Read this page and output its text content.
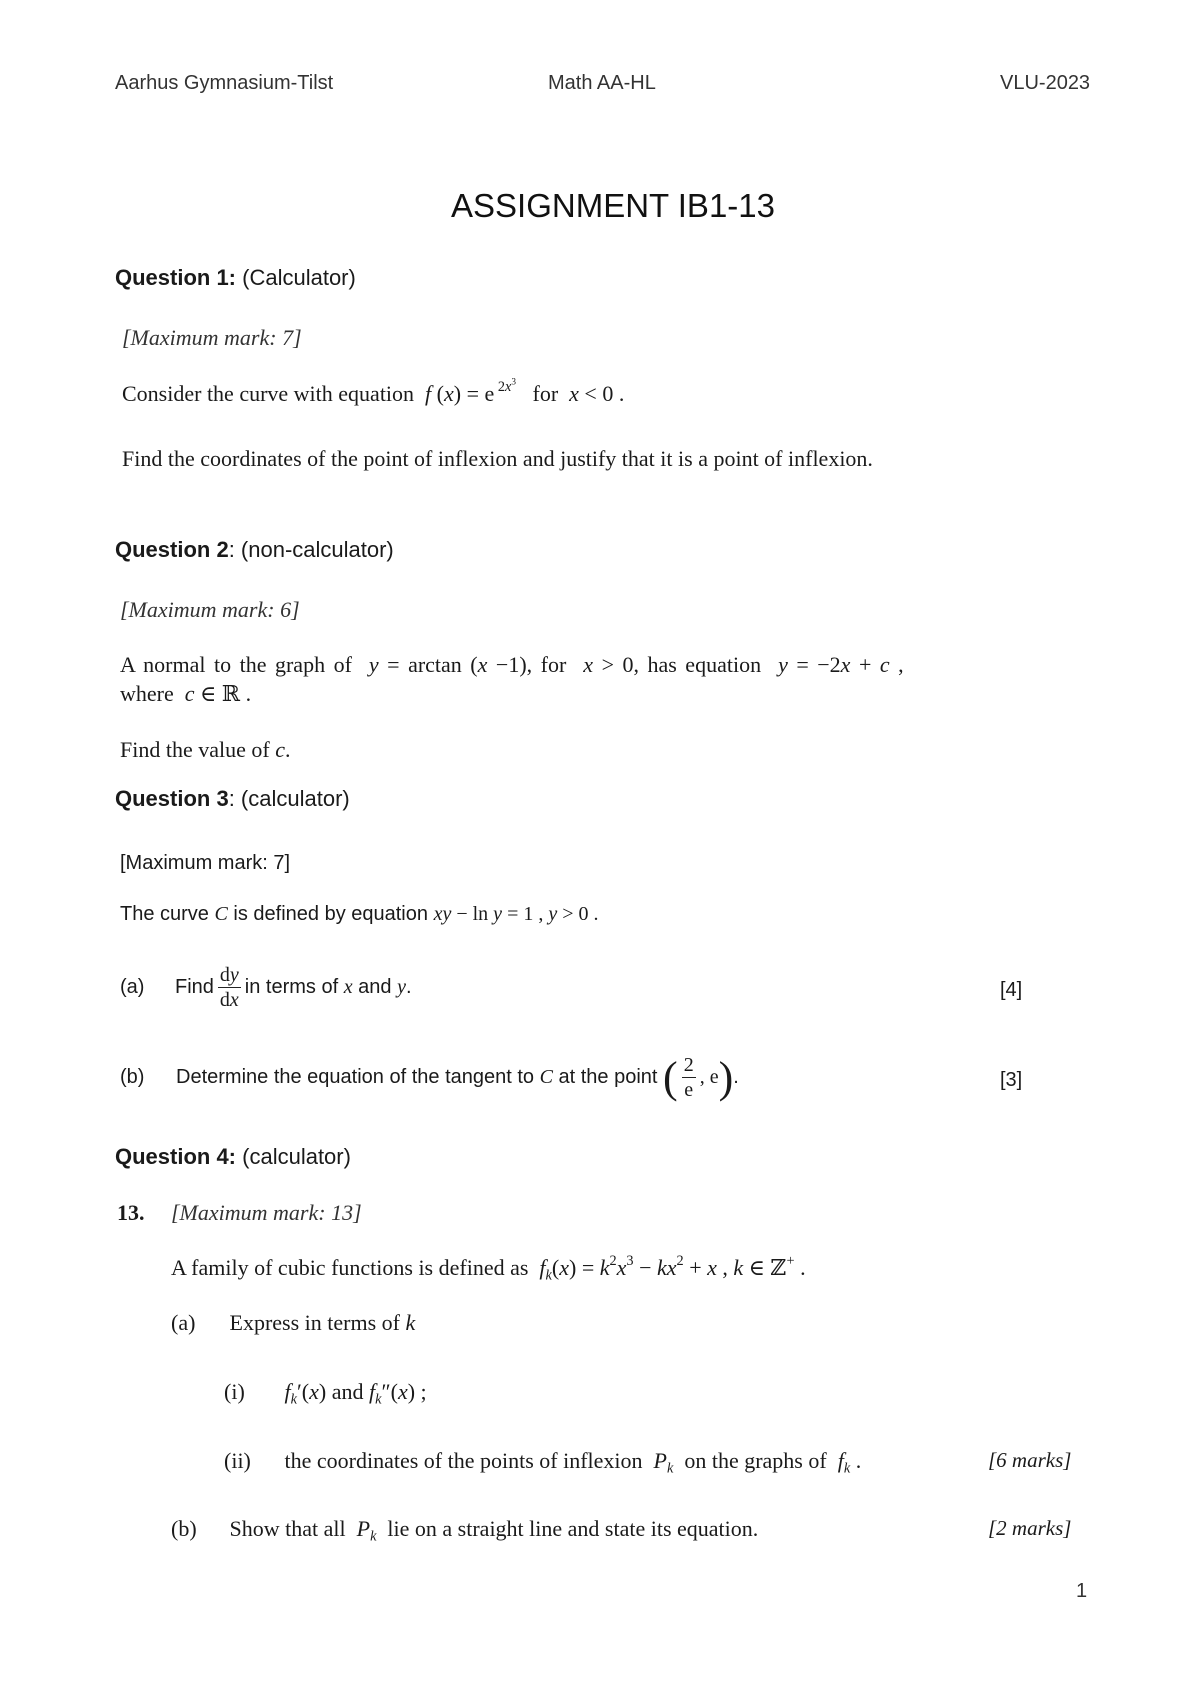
Aarhus Gymnasium-Tilst	Math AA-HL	VLU-2023
ASSIGNMENT IB1-13
Question 1: (Calculator)
[Maximum mark: 7]
Consider the curve with equation f (x) = e $^{2x^3}$ for x < 0 .
Find the coordinates of the point of inflexion and justify that it is a point of inflexion.
Question 2: (non-calculator)
[Maximum mark: 6]
A normal to the graph of y = arctan (x −1), for x > 0, has equation y = −2x + c ,
where c ∈ ℝ .
Find the value of c.
Question 3: (calculator)
[Maximum mark: 7]
The curve C is defined by equation xy − ln y = 1 , y > 0 .
(a)	Find $\frac{dy}{dx}$ in terms of
x
and
y .	[4]
(b)	Determine the equation of the tangent to
C
at the point
( $\frac{2}{e}$ , e ) .	[3]
Question 4: (calculator)
13. [Maximum mark: 13]
A family of cubic functions is defined as $f_k(x) = k^2x^3 - kx^2 + x$ , k ∈ ℤ+ .
(a) Express in terms of k
(i) $f_k'(x)$ and $f_k''(x)$ ;
(ii) the coordinates of the points of inflexion $P_k$ on the graphs of $f_k$ .	[6 marks]
(b) Show that all $P_k$ lie on a straight line and state its equation.	[2 marks]
1
